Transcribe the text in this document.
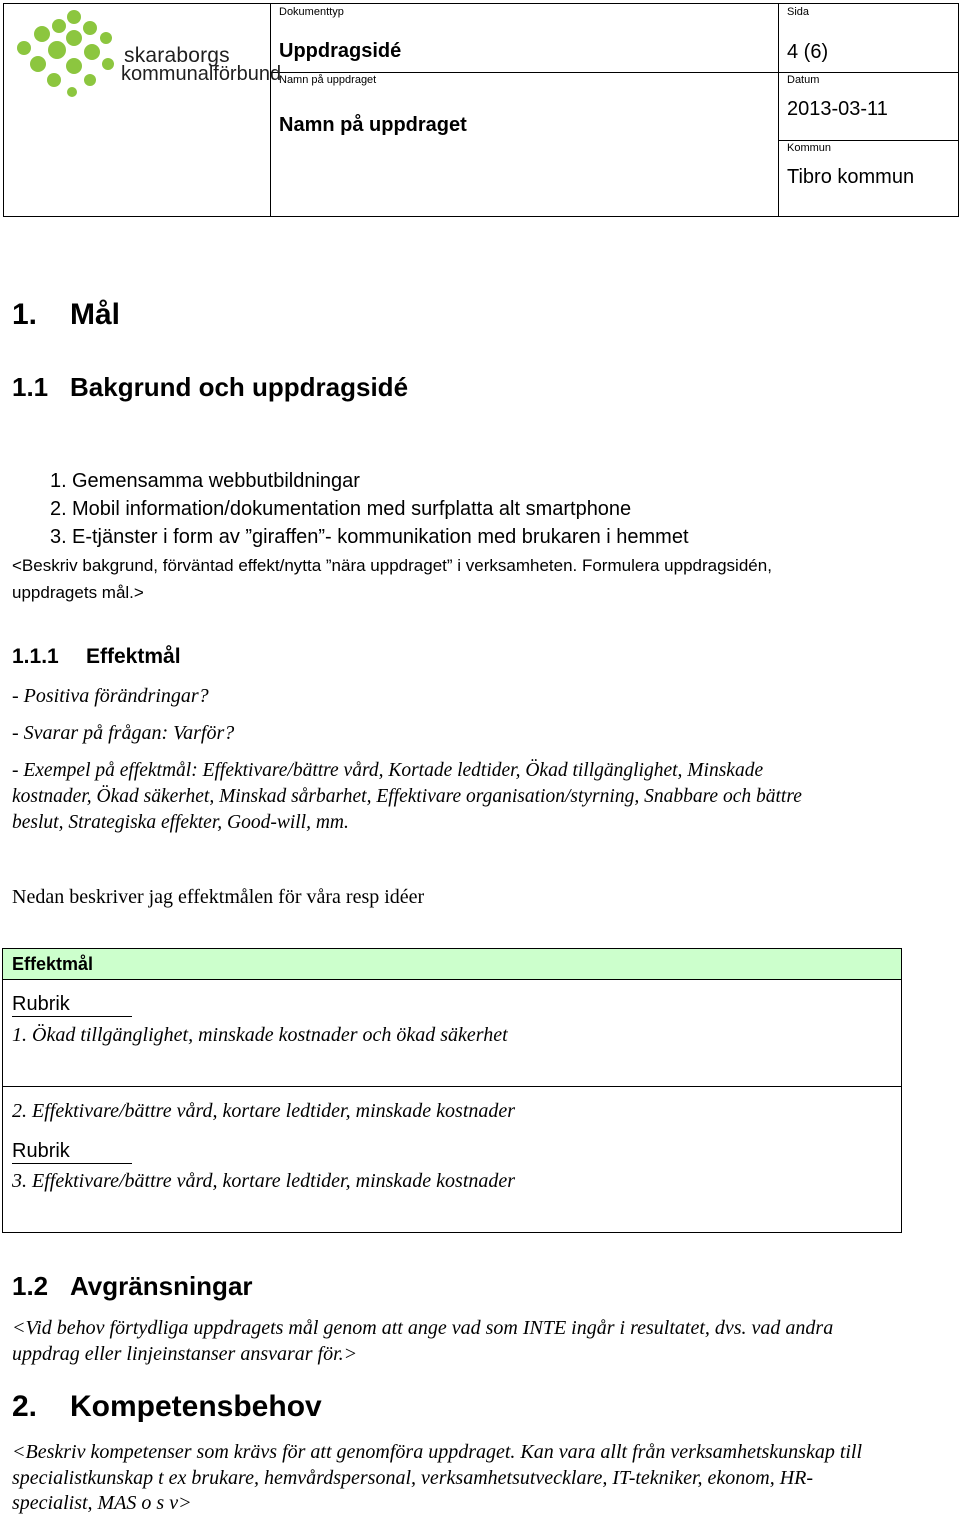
skaraborgs
kommunalförbund
Dokumenttyp
Uppdragsidé
Namn på uppdraget
Namn på uppdraget
Sida
4 (6)
Datum
2013-03-11
Kommun
Tibro kommun
1. Mål
1.1 Bakgrund och uppdragsidé
1. Gemensamma webbutbildningar
2. Mobil information/dokumentation med surfplatta alt smartphone
3. E-tjänster i form av ”giraffen”- kommunikation med brukaren i hemmet
<Beskriv bakgrund, förväntad effekt/nytta ”nära uppdraget” i verksamheten. Formulera uppdragsidén,
uppdragets mål.>
1.1.1 Effektmål
- Positiva förändringar?
- Svarar på frågan: Varför?
- Exempel på effektmål: Effektivare/bättre vård, Kortade ledtider, Ökad tillgänglighet, Minskade
kostnader, Ökad säkerhet, Minskad sårbarhet, Effektivare organisation/styrning, Snabbare och bättre
beslut, Strategiska effekter, Good-will, mm.
Nedan beskriver jag effektmålen för våra resp idéer
Effektmål
Rubrik
1. Ökad tillgänglighet, minskade kostnader och ökad säkerhet
2. Effektivare/bättre vård, kortare ledtider, minskade kostnader
Rubrik
3. Effektivare/bättre vård, kortare ledtider, minskade kostnader
1.2 Avgränsningar
<Vid behov förtydliga uppdragets mål genom att ange vad som INTE ingår i resultatet, dvs. vad andra
uppdrag eller linjeinstanser ansvarar för.>
2. Kompetensbehov
<Beskriv kompetenser som krävs för att genomföra uppdraget. Kan vara allt från verksamhetskunskap till
specialistkunskap t ex brukare, hemvårdspersonal, verksamhetsutvecklare, IT-tekniker, ekonom, HR-
specialist, MAS o s v>
